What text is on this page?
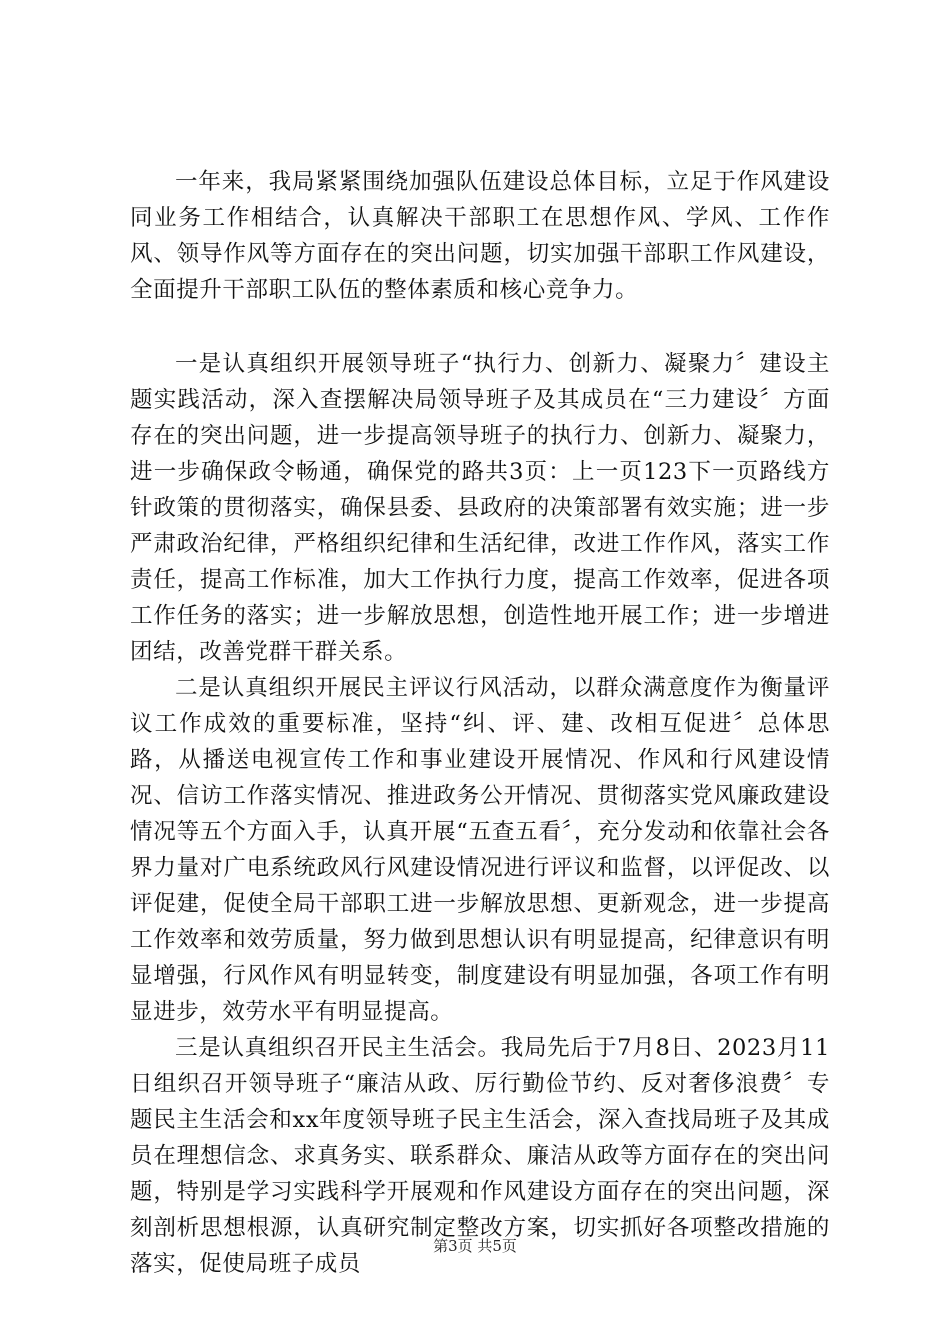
一年来，我局紧紧围绕加强队伍建设总体目标，立足于作风建设同业务工作相结合，认真解决干部职工在思想作风、学风、工作作风、领导作风等方面存在的突出问题，切实加强干部职工作风建设，全面提升干部职工队伍的整体素质和核心竞争力。

一是认真组织开展领导班子“执行力、创新力、凝聚力〞建设主题实践活动，深入查摆解决局领导班子及其成员在“三力建设〞方面存在的突出问题，进一步提高领导班子的执行力、创新力、凝聚力，进一步确保政令畅通，确保党的路共3页：上一页123下一页路线方针政策的贯彻落实，确保县委、县政府的决策部署有效实施；进一步严肃政治纪律，严格组织纪律和生活纪律，改进工作作风，落实工作责任，提高工作标准，加大工作执行力度，提高工作效率，促进各项工作任务的落实；进一步解放思想，创造性地开展工作；进一步增进团结，改善党群干群关系。

二是认真组织开展民主评议行风活动，以群众满意度作为衡量评议工作成效的重要标准，坚持“纠、评、建、改相互促进〞总体思路，从播送电视宣传工作和事业建设开展情况、作风和行风建设情况、信访工作落实情况、推进政务公开情况、贯彻落实党风廉政建设情况等五个方面入手，认真开展“五查五看〞，充分发动和依靠社会各界力量对广电系统政风行风建设情况进行评议和监督，以评促改、以评促建，促使全局干部职工进一步解放思想、更新观念，进一步提高工作效率和效劳质量，努力做到思想认识有明显提高，纪律意识有明显增强，行风作风有明显转变，制度建设有明显加强，各项工作有明显进步，效劳水平有明显提高。

三是认真组织召开民主生活会。我局先后于7月8日、2023月11日组织召开领导班子“廉洁从政、厉行勤俭节约、反对奢侈浪费〞专题民主生活会和xx年度领导班子民主生活会，深入查找局班子及其成员在理想信念、求真务实、联系群众、廉洁从政等方面存在的突出问题，特别是学习实践科学开展观和作风建设方面存在的突出问题，深刻剖析思想根源，认真研究制定整改方案，切实抓好各项整改措施的落实，促使局班子成员

第3页 共5页
